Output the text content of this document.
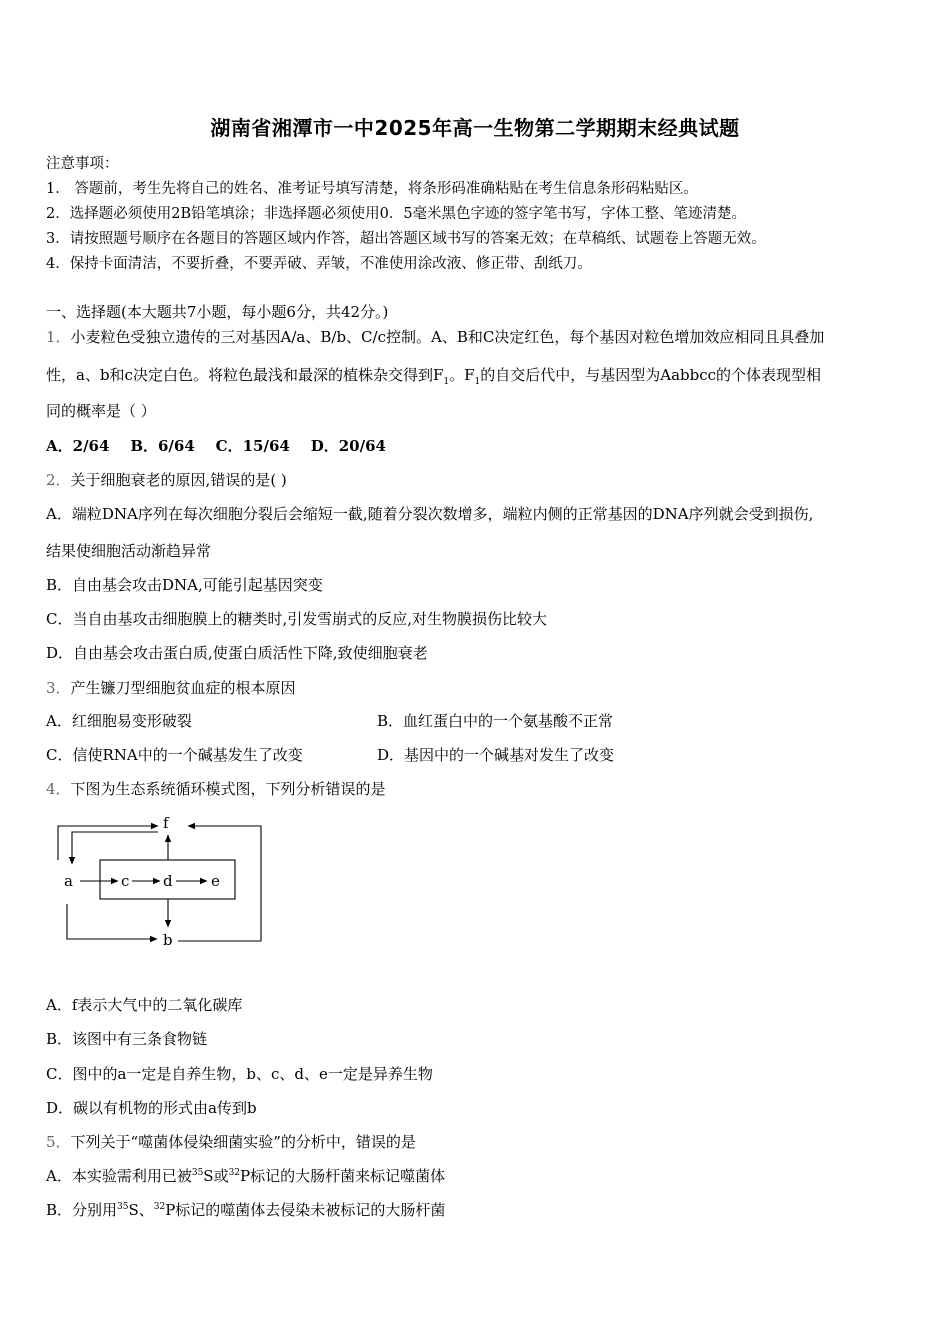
湖南省湘潭市一中2025年高一生物第二学期期末经典试题
注意事项：
1． 答题前，考生先将自己的姓名、准考证号填写清楚，将条形码准确粘贴在考生信息条形码粘贴区。
2．选择题必须使用2B铅笔填涂；非选择题必须使用0．5毫米黑色字迹的签字笔书写，字体工整、笔迹清楚。
3．请按照题号顺序在各题目的答题区域内作答，超出答题区域书写的答案无效；在草稿纸、试题卷上答题无效。
4．保持卡面清洁，不要折叠，不要弄破、弄皱，不准使用涂改液、修正带、刮纸刀。
一、选择题(本大题共7小题，每小题6分，共42分。)
1．小麦粒色受独立遗传的三对基因A/a、B/b、C/c控制。A、B和C决定红色，每个基因对粒色增加效应相同且具叠加
性，a、b和c决定白色。将粒色最浅和最深的植株杂交得到$F_1$。$F_1$的自交后代中，与基因型为Aabbcc的个体表现型相
同的概率是（ ）
A．2/64    B．6/64    C．15/64    D．20/64
2．关于细胞衰老的原因,错误的是( )
A．端粒DNA序列在每次细胞分裂后会缩短一截,随着分裂次数增多，端粒内侧的正常基因的DNA序列就会受到损伤,
结果使细胞活动渐趋异常
B．自由基会攻击DNA,可能引起基因突变
C．当自由基攻击细胞膜上的糖类时,引发雪崩式的反应,对生物膜损伤比较大
D．自由基会攻击蛋白质,使蛋白质活性下降,致使细胞衰老
3．产生镰刀型细胞贫血症的根本原因
A．红细胞易变形破裂	B．血红蛋白中的一个氨基酸不正常
C．信使RNA中的一个碱基发生了改变	D．基因中的一个碱基对发生了改变
4．下图为生态系统循环模式图，下列分析错误的是
f
a	c d	e
b
A．f表示大气中的二氧化碳库
B．该图中有三条食物链
C．图中的a一定是自养生物，b、c、d、e一定是异养生物
D．碳以有机物的形式由a传到b
5．下列关于“噬菌体侵染细菌实验”的分析中，错误的是
A．本实验需利用已被$^{35}$S或$^{32}$P标记的大肠杆菌来标记噬菌体
B．分别用$^{35}$S、$^{32}$P标记的噬菌体去侵染未被标记的大肠杆菌
